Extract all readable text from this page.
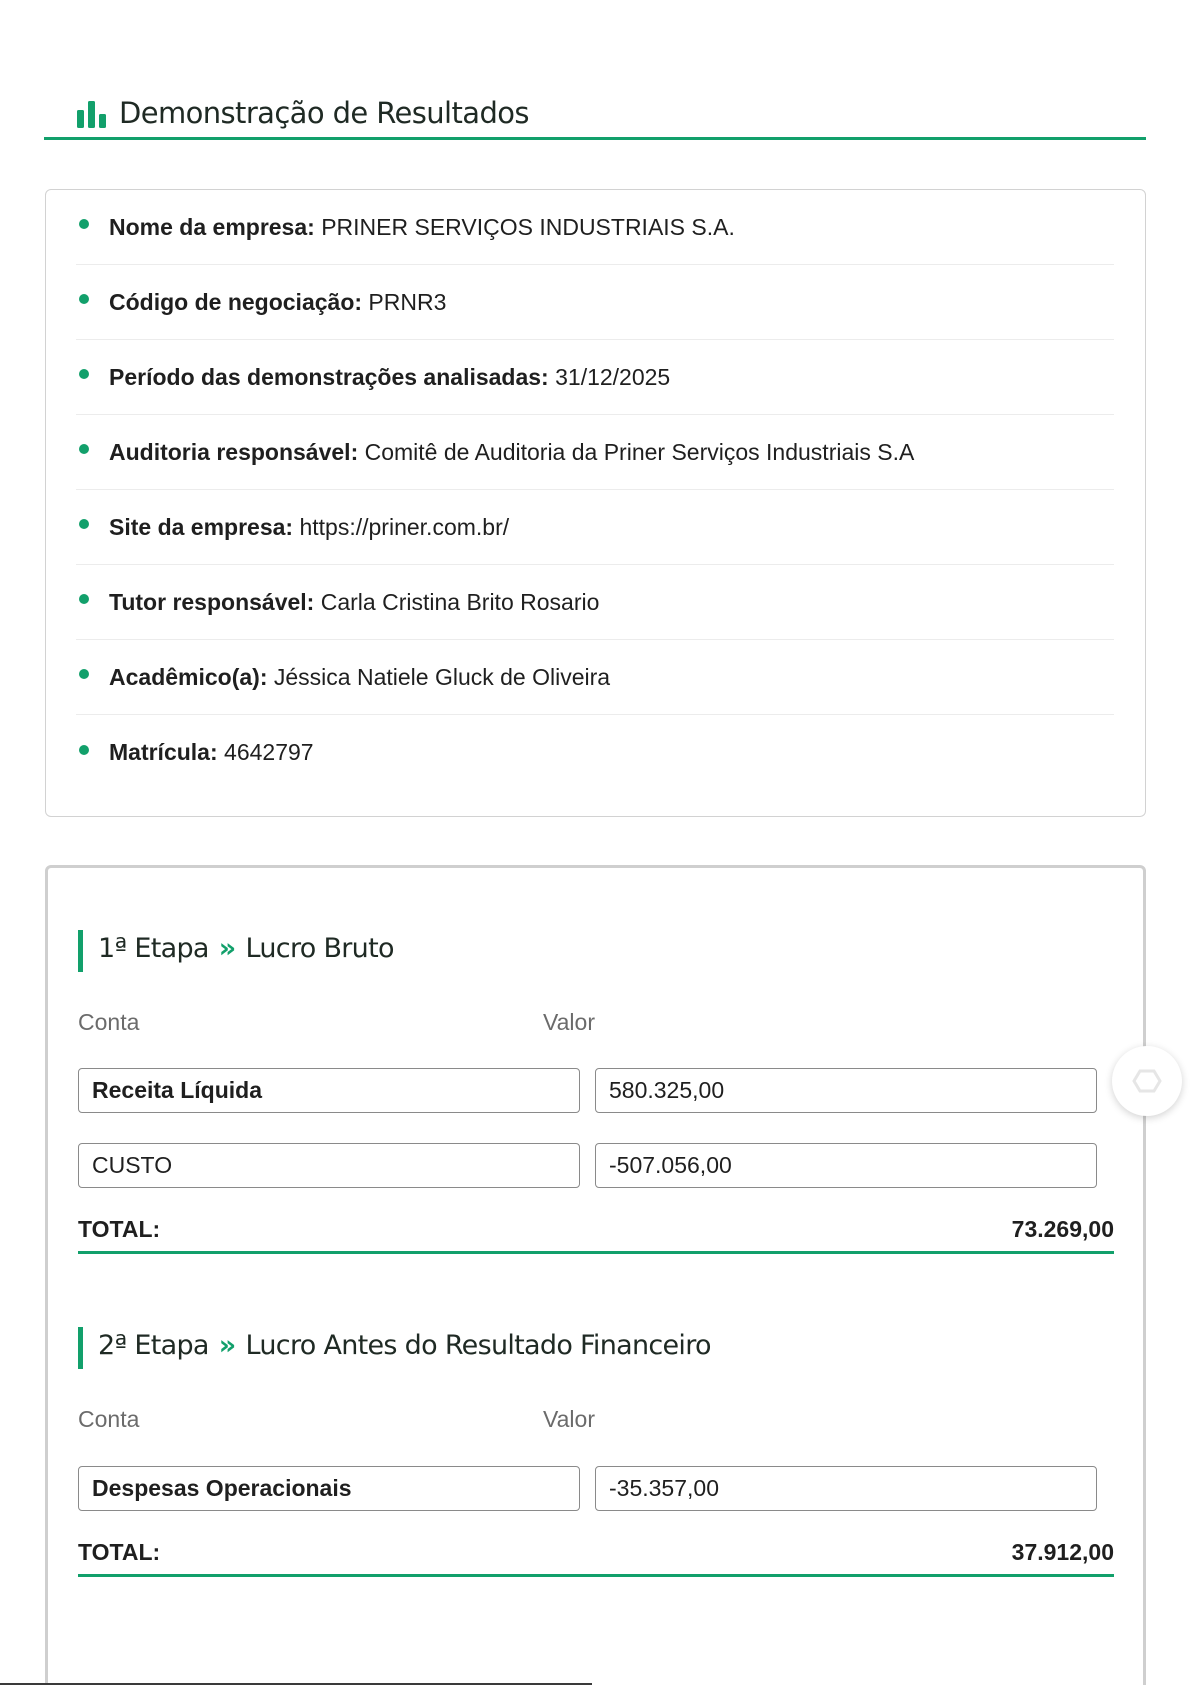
Demonstração de Resultados
Nome da empresa: PRINER SERVIÇOS INDUSTRIAIS S.A.
Código de negociação: PRNR3
Período das demonstrações analisadas: 31/12/2025
Auditoria responsável: Comitê de Auditoria da Priner Serviços Industriais S.A
Site da empresa: https://priner.com.br/
Tutor responsável: Carla Cristina Brito Rosario
Acadêmico(a): Jéssica Natiele Gluck de Oliveira
Matrícula: 4642797
1ª Etapa » Lucro Bruto
Conta	Valor
Receita Líquida	580.325,00
CUSTO	-507.056,00
TOTAL:	73.269,00
2ª Etapa » Lucro Antes do Resultado Financeiro
Conta	Valor
Despesas Operacionais	-35.357,00
TOTAL:	37.912,00
